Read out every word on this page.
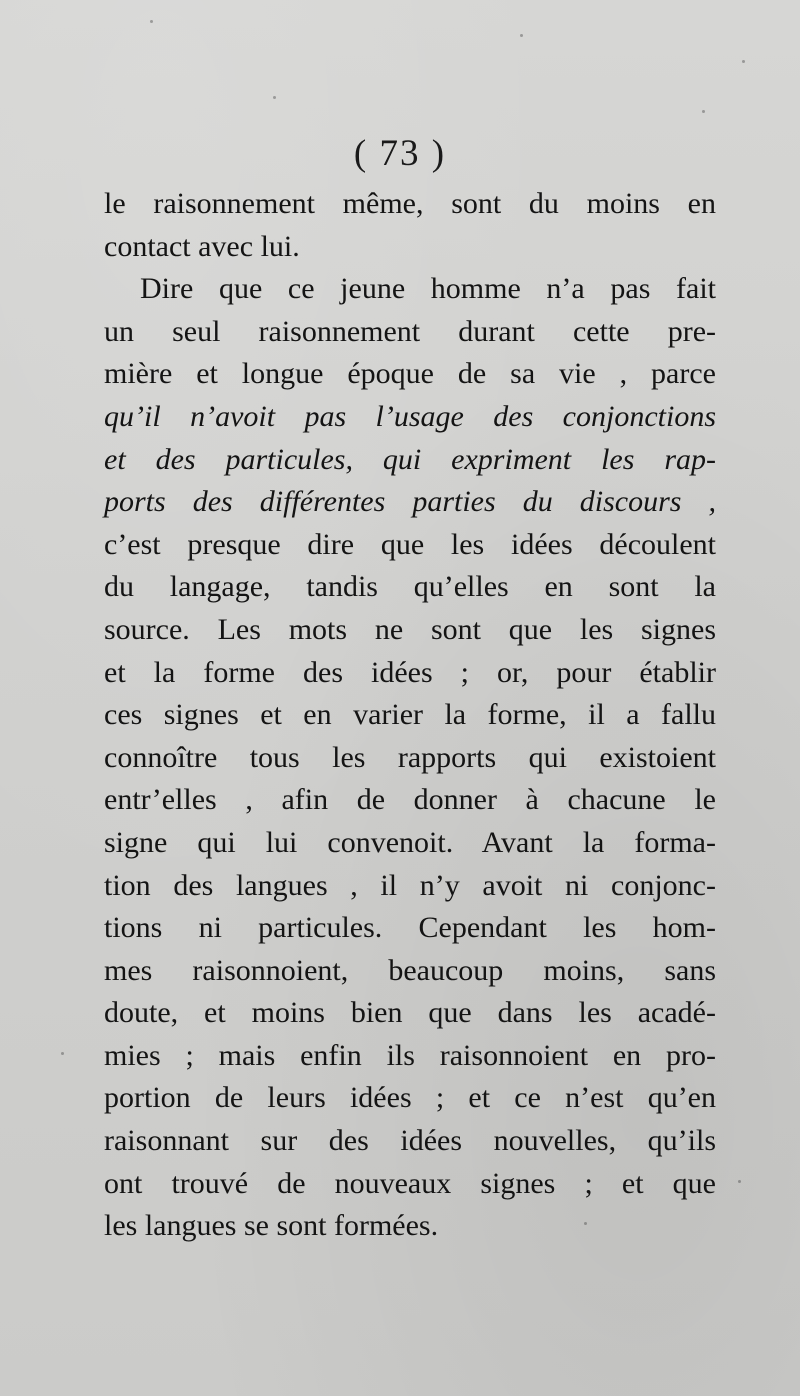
( 73 )
le raisonnement même, sont du moins en
contact avec lui.
Dire que ce jeune homme n’a pas fait
un seul raisonnement durant cette pre-
mière et longue époque de sa vie , parce
qu’il n’avoit pas l’usage des conjonctions
et des particules, qui expriment les rap-
ports des différentes parties du discours ,
c’est presque dire que les idées découlent
du langage, tandis qu’elles en sont la
source. Les mots ne sont que les signes
et la forme des idées ; or, pour établir
ces signes et en varier la forme, il a fallu
connoître tous les rapports qui existoient
entr’elles , afin de donner à chacune le
signe qui lui convenoit. Avant la forma-
tion des langues , il n’y avoit ni conjonc-
tions ni particules. Cependant les hom-
mes raisonnoient, beaucoup moins, sans
doute, et moins bien que dans les acadé-
mies ; mais enfin ils raisonnoient en pro-
portion de leurs idées ; et ce n’est qu’en
raisonnant sur des idées nouvelles, qu’ils
ont trouvé de nouveaux signes ; et que
les langues se sont formées.
